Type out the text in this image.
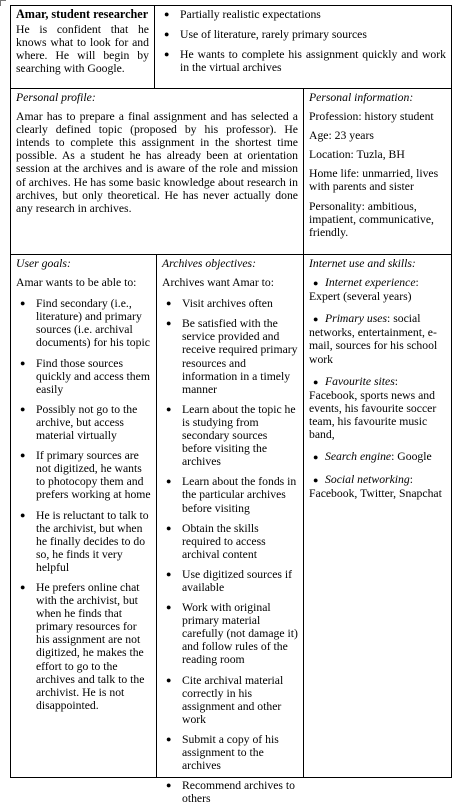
Amar, student researcher
He is confident that he knows what to look for and where. He will begin by searching with Google.
● Partially realistic expectations
● Use of literature, rarely primary sources
● He wants to complete his assignment quickly and work in the virtual archives
Personal profile:
Amar has to prepare a final assignment and has selected a clearly defined topic (proposed by his professor). He intends to complete this assignment in the shortest time possible. As a student he has already been at orientation session at the archives and is aware of the role and mission of archives. He has some basic knowledge about research in archives, but only theoretical. He has never actually done any research in archives.
Personal information:
Profession: history student
Age: 23 years
Location: Tuzla, BH
Home life: unmarried, lives with parents and sister
Personality: ambitious, impatient, communicative, friendly.
User goals:
Amar wants to be able to:
● Find secondary (i.e., literature) and primary sources (i.e. archival documents) for his topic
● Find those sources quickly and access them easily
● Possibly not go to the archive, but access material virtually
● If primary sources are not digitized, he wants to photocopy them and prefers working at home
● He is reluctant to talk to the archivist, but when he finally decides to do so, he finds it very helpful
● He prefers online chat with the archivist, but when he finds that primary resources for his assignment are not digitized, he makes the effort to go to the archives and talk to the archivist. He is not disappointed.
Archives objectives:
Archives want Amar to:
● Visit archives often
● Be satisfied with the service provided and receive required primary resources and information in a timely manner
● Learn about the topic he is studying from secondary sources before visiting the archives
● Learn about the fonds in the particular archives before visiting
● Obtain the skills required to access archival content
● Use digitized sources if available
● Work with original primary material carefully (not damage it) and follow rules of the reading room
● Cite archival material correctly in his assignment and other work
● Submit a copy of his assignment to the archives
● Recommend archives to others
Internet use and skills:
● Internet experience: Expert (several years)
● Primary uses: social networks, entertainment, e-mail, sources for his school work
● Favourite sites: Facebook, sports news and events, his favourite soccer team, his favourite music band,
● Search engine: Google
● Social networking: Facebook, Twitter, Snapchat
